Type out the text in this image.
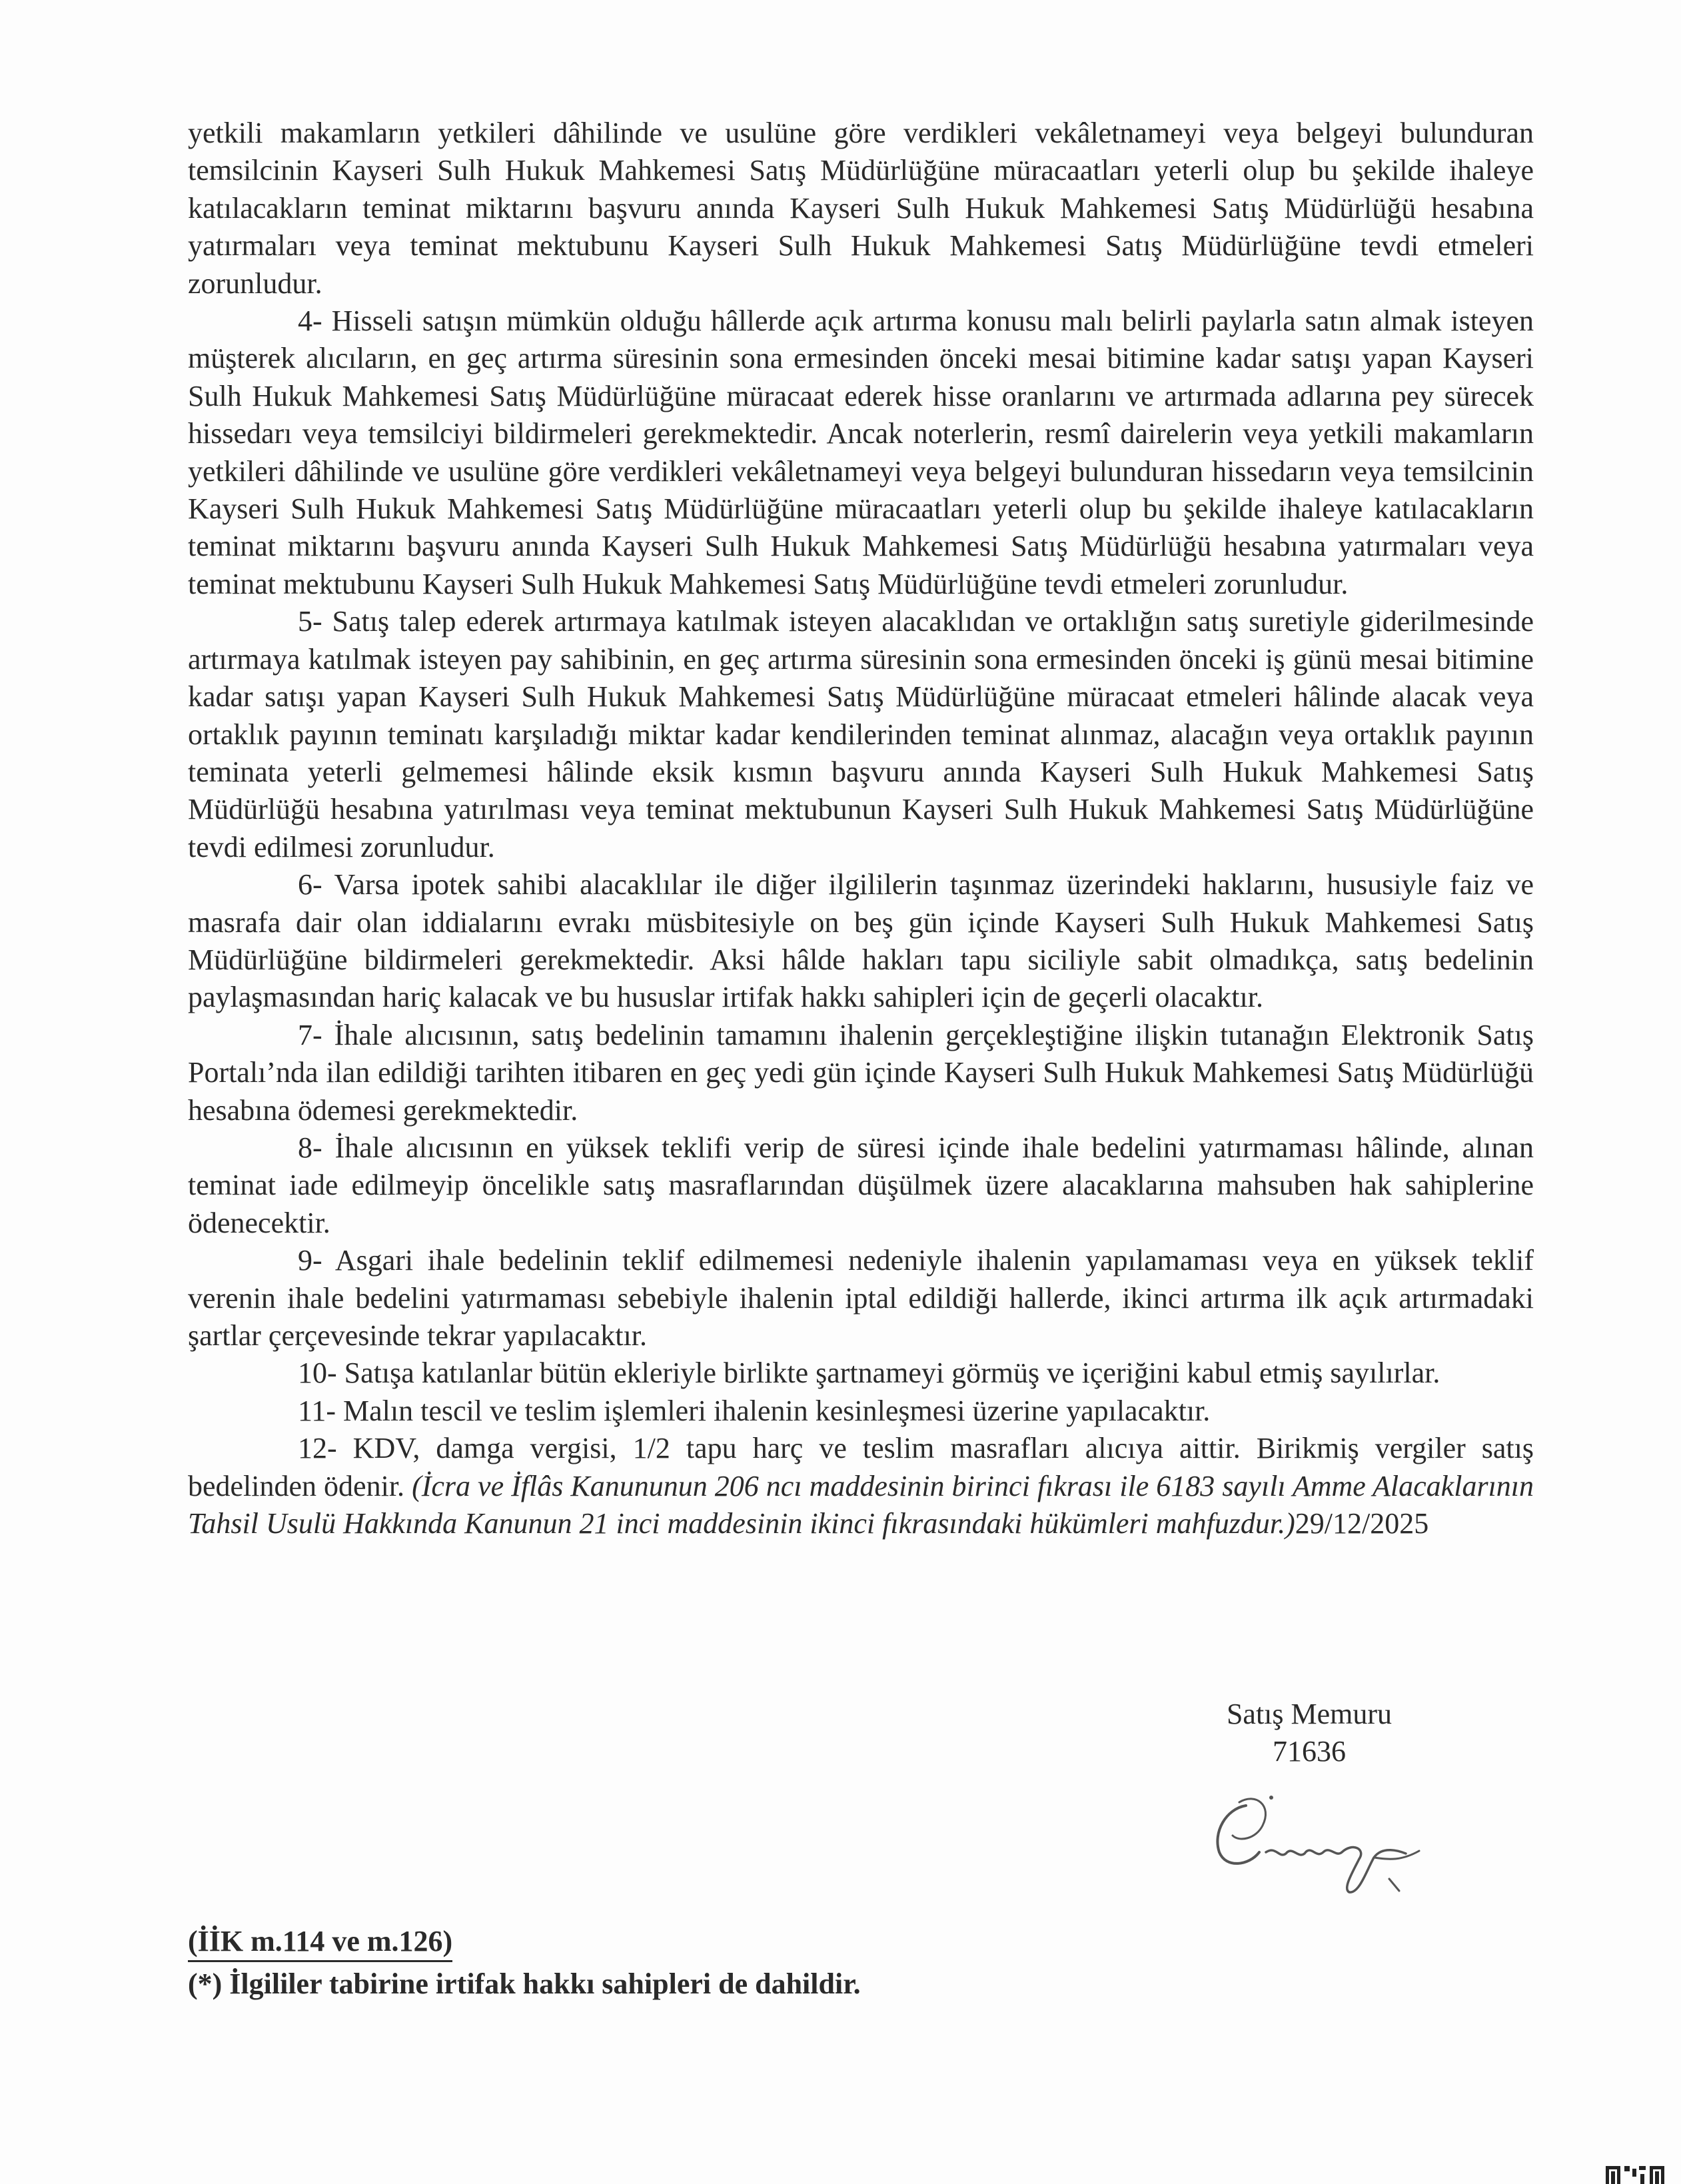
yetkili makamların yetkileri dâhilinde ve usulüne göre verdikleri vekâletnameyi veya belgeyi bulunduran temsilcinin Kayseri Sulh Hukuk Mahkemesi Satış Müdürlüğüne müracaatları yeterli olup bu şekilde ihaleye katılacakların teminat miktarını başvuru anında Kayseri Sulh Hukuk Mahkemesi Satış Müdürlüğü hesabına yatırmaları veya teminat mektubunu Kayseri Sulh Hukuk Mahkemesi Satış Müdürlüğüne tevdi etmeleri zorunludur.

4- Hisseli satışın mümkün olduğu hâllerde açık artırma konusu malı belirli paylarla satın almak isteyen müşterek alıcıların, en geç artırma süresinin sona ermesinden önceki mesai bitimine kadar satışı yapan Kayseri Sulh Hukuk Mahkemesi Satış Müdürlüğüne müracaat ederek hisse oranlarını ve artırmada adlarına pey sürecek hissedarı veya temsilciyi bildirmeleri gerekmektedir. Ancak noterlerin, resmî dairelerin veya yetkili makamların yetkileri dâhilinde ve usulüne göre verdikleri vekâletnameyi veya belgeyi bulunduran hissedarın veya temsilcinin Kayseri Sulh Hukuk Mahkemesi Satış Müdürlüğüne müracaatları yeterli olup bu şekilde ihaleye katılacakların teminat miktarını başvuru anında Kayseri Sulh Hukuk Mahkemesi Satış Müdürlüğü hesabına yatırmaları veya teminat mektubunu Kayseri Sulh Hukuk Mahkemesi Satış Müdürlüğüne tevdi etmeleri zorunludur.

5- Satış talep ederek artırmaya katılmak isteyen alacaklıdan ve ortaklığın satış suretiyle giderilmesinde artırmaya katılmak isteyen pay sahibinin, en geç artırma süresinin sona ermesinden önceki iş günü mesai bitimine kadar satışı yapan Kayseri Sulh Hukuk Mahkemesi Satış Müdürlüğüne müracaat etmeleri hâlinde alacak veya ortaklık payının teminatı karşıladığı miktar kadar kendilerinden teminat alınmaz, alacağın veya ortaklık payının teminata yeterli gelmemesi hâlinde eksik kısmın başvuru anında Kayseri Sulh Hukuk Mahkemesi Satış Müdürlüğü hesabına yatırılması veya teminat mektubunun Kayseri Sulh Hukuk Mahkemesi Satış Müdürlüğüne tevdi edilmesi zorunludur.

6- Varsa ipotek sahibi alacaklılar ile diğer ilgililerin taşınmaz üzerindeki haklarını, hususiyle faiz ve masrafa dair olan iddialarını evrakı müsbitesiyle on beş gün içinde Kayseri Sulh Hukuk Mahkemesi Satış Müdürlüğüne bildirmeleri gerekmektedir. Aksi hâlde hakları tapu siciliyle sabit olmadıkça, satış bedelinin paylaşmasından hariç kalacak ve bu hususlar irtifak hakkı sahipleri için de geçerli olacaktır.

7- İhale alıcısının, satış bedelinin tamamını ihalenin gerçekleştiğine ilişkin tutanağın Elektronik Satış Portalı’nda ilan edildiği tarihten itibaren en geç yedi gün içinde Kayseri Sulh Hukuk Mahkemesi Satış Müdürlüğü hesabına ödemesi gerekmektedir.

8- İhale alıcısının en yüksek teklifi verip de süresi içinde ihale bedelini yatırmaması hâlinde, alınan teminat iade edilmeyip öncelikle satış masraflarından düşülmek üzere alacaklarına mahsuben hak sahiplerine ödenecektir.

9- Asgari ihale bedelinin teklif edilmemesi nedeniyle ihalenin yapılamaması veya en yüksek teklif verenin ihale bedelini yatırmaması sebebiyle ihalenin iptal edildiği hallerde, ikinci artırma ilk açık artırmadaki şartlar çerçevesinde tekrar yapılacaktır.

10- Satışa katılanlar bütün ekleriyle birlikte şartnameyi görmüş ve içeriğini kabul etmiş sayılırlar.

11- Malın tescil ve teslim işlemleri ihalenin kesinleşmesi üzerine yapılacaktır.

12- KDV, damga vergisi, 1/2 tapu harç ve teslim masrafları alıcıya aittir. Birikmiş vergiler satış bedelinden ödenir. (İcra ve İflâs Kanununun 206 ncı maddesinin birinci fıkrası ile 6183 sayılı Amme Alacaklarının Tahsil Usulü Hakkında Kanunun 21 inci maddesinin ikinci fıkrasındaki hükümleri mahfuzdur.)29/12/2025

Satış Memuru
71636
(İİK m.114 ve m.126)
(*) İlgililer tabirine irtifak hakkı sahipleri de dahildir.
